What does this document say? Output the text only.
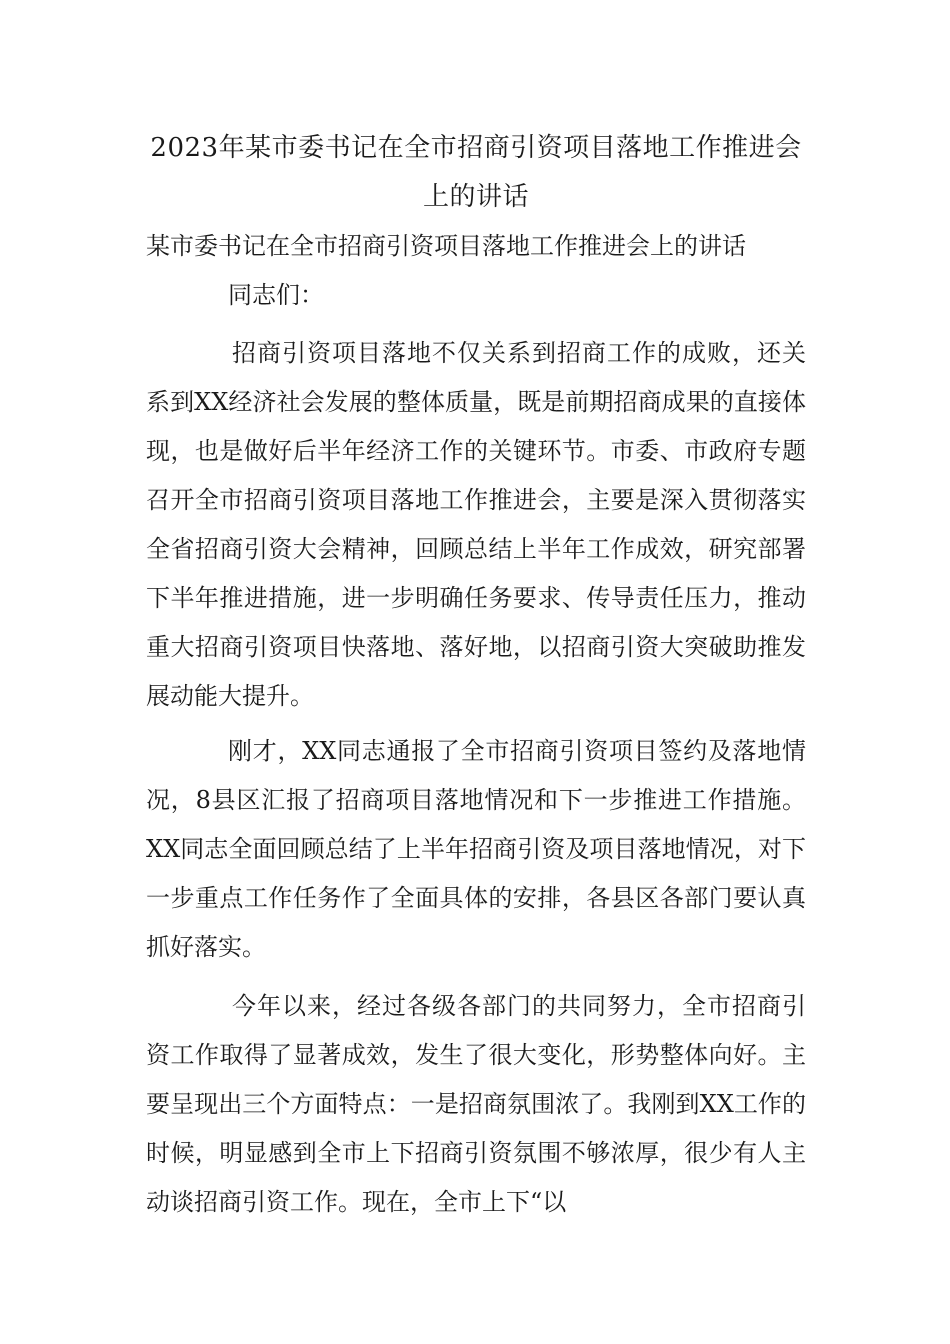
2023年某市委书记在全市招商引资项目落地工作推进会上的讲话

某市委书记在全市招商引资项目落地工作推进会上的讲话

同志们：

招商引资项目落地不仅关系到招商工作的成败，还关系到XX经济社会发展的整体质量，既是前期招商成果的直接体现，也是做好后半年经济工作的关键环节。市委、市政府专题召开全市招商引资项目落地工作推进会，主要是深入贯彻落实全省招商引资大会精神，回顾总结上半年工作成效，研究部署下半年推进措施，进一步明确任务要求、传导责任压力，推动重大招商引资项目快落地、落好地，以招商引资大突破助推发展动能大提升。

刚才，XX同志通报了全市招商引资项目签约及落地情况，8县区汇报了招商项目落地情况和下一步推进工作措施。XX同志全面回顾总结了上半年招商引资及项目落地情况，对下一步重点工作任务作了全面具体的安排，各县区各部门要认真抓好落实。

今年以来，经过各级各部门的共同努力，全市招商引资工作取得了显著成效，发生了很大变化，形势整体向好。主要呈现出三个方面特点：一是招商氛围浓了。我刚到XX工作的时候，明显感到全市上下招商引资氛围不够浓厚，很少有人主动谈招商引资工作。现在，全市上下“以
